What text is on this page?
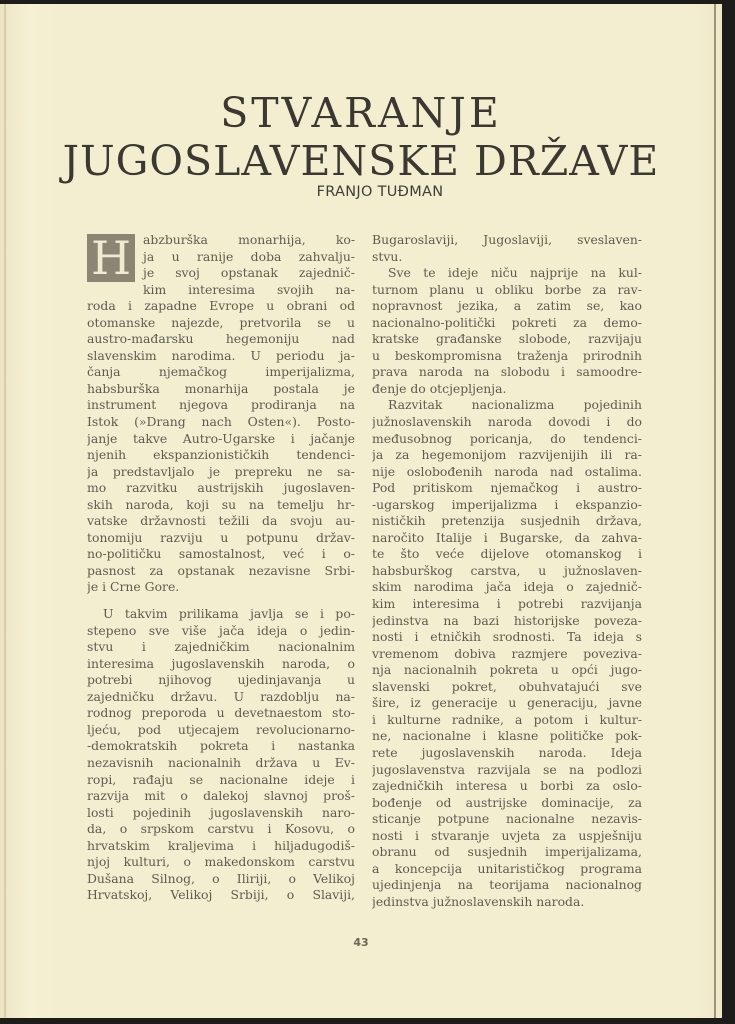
STVARANJE
JUGOSLAVENSKE DRŽAVE
FRANJO TUĐMAN
H abzburška monarhija, ko-
ja u ranije doba zahvalju-
je svoj opstanak zajednič-
kim interesima svojih na-
roda i zapadne Evrope u obrani od
otomanske najezde, pretvorila se u
austro-mađarsku hegemoniju nad
slavenskim narodima. U periodu ja-
čanja njemačkog imperijalizma,
habsburška monarhija postala je
instrument njegova prodiranja na
Istok (»Drang nach Osten«). Posto-
janje takve Autro-Ugarske i jačanje
njenih ekspanzionističkih tendenci-
ja predstavljalo je prepreku ne sa-
mo razvitku austrijskih jugoslaven-
skih naroda, koji su na temelju hr-
vatske državnosti težili da svoju au-
tonomiju razviju u potpunu držav-
no-političku samostalnost, već i o-
pasnost za opstanak nezavisne Srbi-
je i Crne Gore.
U takvim prilikama javlja se i po-
stepeno sve više jača ideja o jedin-
stvu i zajedničkim nacionalnim
interesima jugoslavenskih naroda, o
potrebi njihovog ujedinjavanja u
zajedničku državu. U razdoblju na-
rodnog preporoda u devetnaestom sto-
ljeću, pod utjecajem revolucionarno-
-demokratskih pokreta i nastanka
nezavisnih nacionalnih država u Ev-
ropi, rađaju se nacionalne ideje i
razvija mit o dalekoj slavnoj proš-
losti pojedinih jugoslavenskih naro-
da, o srpskom carstvu i Kosovu, o
hrvatskim kraljevima i hiljadugodiš-
njoj kulturi, o makedonskom carstvu
Dušana Silnog, o Iliriji, o Velikoj
Hrvatskoj, Velikoj Srbiji, o Slaviji,
Bugaroslaviji, Jugoslaviji, sveslaven-
stvu.
Sve te ideje niču najprije na kul-
turnom planu u obliku borbe za rav-
nopravnost jezika, a zatim se, kao
nacionalno-politički pokreti za demo-
kratske građanske slobode, razvijaju
u beskompromisna traženja prirodnih
prava naroda na slobodu i samoodre-
đenje do otcjepljenja.
Razvitak nacionalizma pojedinih
južnoslavenskih naroda dovodi i do
međusobnog poricanja, do tendenci-
ja za hegemonijom razvijenijih ili ra-
nije oslobođenih naroda nad ostalima.
Pod pritiskom njemačkog i austro-
-ugarskog imperijalizma i ekspanzio-
nističkih pretenzija susjednih država,
naročito Italije i Bugarske, da zahva-
te što veće dijelove otomanskog i
habsburškog carstva, u južnoslaven-
skim narodima jača ideja o zajednič-
kim interesima i potrebi razvijanja
jedinstva na bazi historijske poveza-
nosti i etničkih srodnosti. Ta ideja s
vremenom dobiva razmjere poveziva-
nja nacionalnih pokreta u opći jugo-
slavenski pokret, obuhvatajući sve
šire, iz generacije u generaciju, javne
i kulturne radnike, a potom i kultur-
ne, nacionalne i klasne političke pok-
rete jugoslavenskih naroda. Ideja
jugoslavenstva razvijala se na podlozi
zajedničkih interesa u borbi za oslo-
bođenje od austrijske dominacije, za
sticanje potpune nacionalne nezavis-
nosti i stvaranje uvjeta za uspješniju
obranu od susjednih imperijalizama,
a koncepcija unitarističkog programa
ujedinjenja na teorijama nacionalnog
jedinstva južnoslavenskih naroda.
43
